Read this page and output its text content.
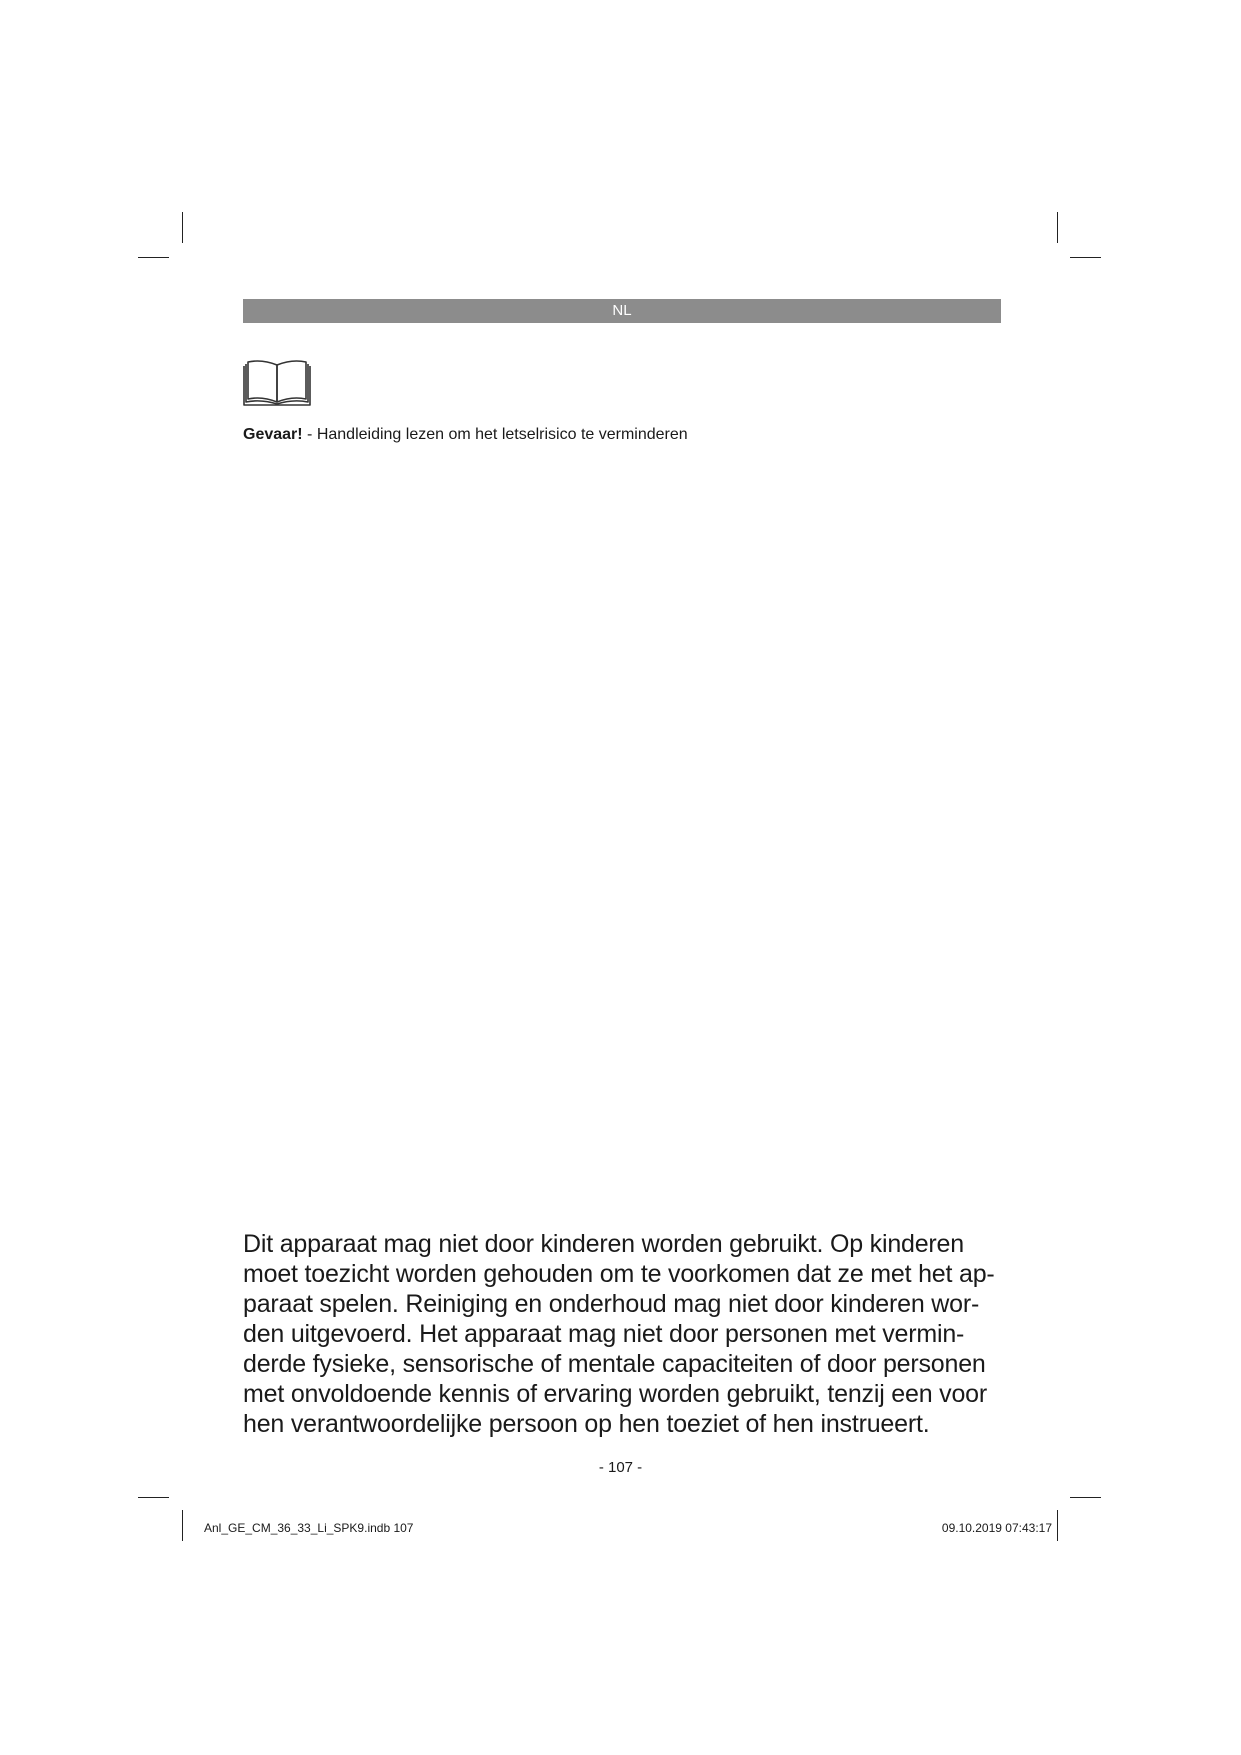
NL
Gevaar! - Handleiding lezen om het letselrisico te verminderen
Dit apparaat mag niet door kinderen worden gebruikt. Op kinderen
moet toezicht worden gehouden om te voorkomen dat ze met het ap-
paraat spelen. Reiniging en onderhoud mag niet door kinderen wor-
den uitgevoerd. Het apparaat mag niet door personen met vermin-
derde fysieke, sensorische of mentale capaciteiten of door personen
met onvoldoende kennis of ervaring worden gebruikt, tenzij een voor
hen verantwoordelijke persoon op hen toeziet of hen instrueert.
- 107 -
Anl_GE_CM_36_33_Li_SPK9.indb 107	09.10.2019 07:43:17
